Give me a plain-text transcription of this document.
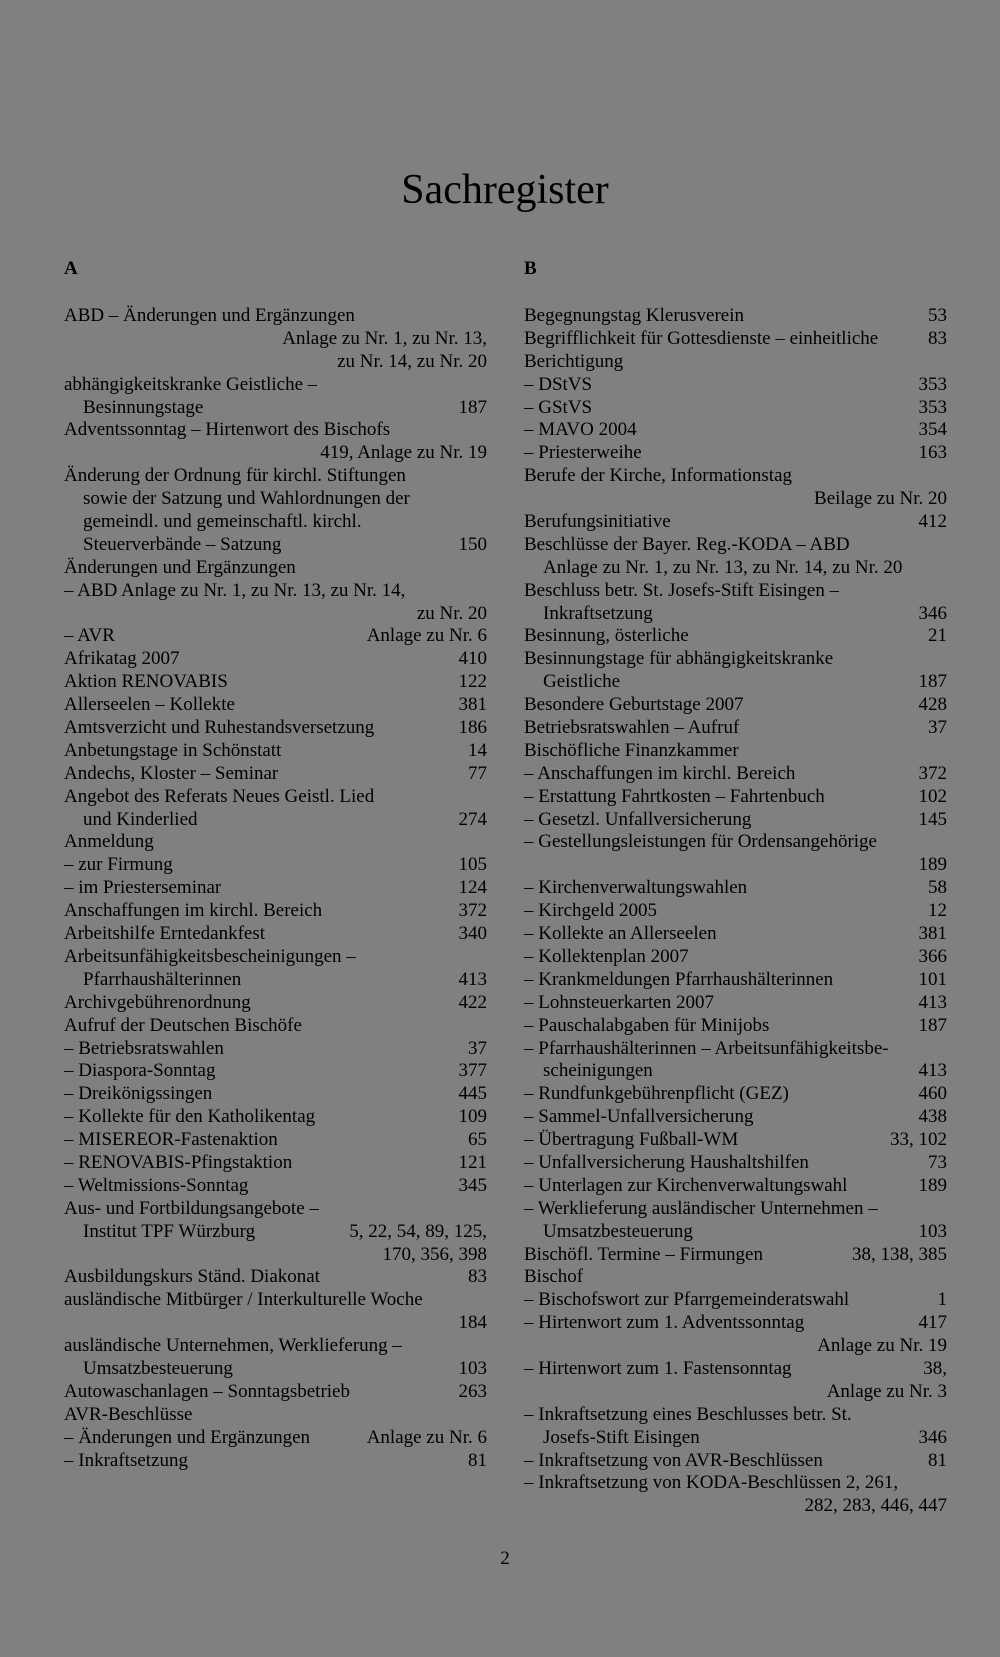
Sachregister
A
ABD – Änderungen und Ergänzungen
Anlage zu Nr. 1, zu Nr. 13,
zu Nr. 14, zu Nr. 20
abhängigkeitskranke Geistliche –
Besinnungstage	187
Adventssonntag – Hirtenwort des Bischofs
419, Anlage zu Nr. 19
Änderung der Ordnung für kirchl. Stiftungen
sowie der Satzung und Wahlordnungen der
gemeindl. und gemeinschaftl. kirchl.
Steuerverbände – Satzung	150
Änderungen und Ergänzungen
– ABD Anlage zu Nr. 1, zu Nr. 13, zu Nr. 14,
zu Nr. 20
– AVR	Anlage zu Nr. 6
Afrikatag 2007	410
Aktion RENOVABIS	122
Allerseelen – Kollekte	381
Amtsverzicht und Ruhestandsversetzung	186
Anbetungstage in Schönstatt	14
Andechs, Kloster – Seminar	77
Angebot des Referats Neues Geistl. Lied
und Kinderlied	274
Anmeldung
– zur Firmung	105
– im Priesterseminar	124
Anschaffungen im kirchl. Bereich	372
Arbeitshilfe Erntedankfest	340
Arbeitsunfähigkeitsbescheinigungen –
Pfarrhaushälterinnen	413
Archivgebührenordnung	422
Aufruf der Deutschen Bischöfe
– Betriebsratswahlen	37
– Diaspora-Sonntag	377
– Dreikönigssingen	445
– Kollekte für den Katholikentag	109
– MISEREOR-Fastenaktion	65
– RENOVABIS-Pfingstaktion	121
– Weltmissions-Sonntag	345
Aus- und Fortbildungsangebote –
Institut TPF Würzburg	5, 22, 54, 89, 125,
170, 356, 398
Ausbildungskurs Ständ. Diakonat	83
ausländische Mitbürger / Interkulturelle Woche
184
ausländische Unternehmen, Werklieferung –
Umsatzbesteuerung	103
Autowaschanlagen – Sonntagsbetrieb	263
AVR-Beschlüsse
– Änderungen und Ergänzungen	Anlage zu Nr. 6
– Inkraftsetzung	81
B
Begegnungstag Klerusverein	53
Begrifflichkeit für Gottesdienste – einheitliche	83
Berichtigung
– DStVS	353
– GStVS	353
– MAVO 2004	354
– Priesterweihe	163
Berufe der Kirche, Informationstag
Beilage zu Nr. 20
Berufungsinitiative	412
Beschlüsse der Bayer. Reg.-KODA – ABD
Anlage zu Nr. 1, zu Nr. 13, zu Nr. 14, zu Nr. 20
Beschluss betr. St. Josefs-Stift Eisingen –
Inkraftsetzung	346
Besinnung, österliche	21
Besinnungstage für abhängigkeitskranke
Geistliche	187
Besondere Geburtstage 2007	428
Betriebsratswahlen – Aufruf	37
Bischöfliche Finanzkammer
– Anschaffungen im kirchl. Bereich	372
– Erstattung Fahrtkosten – Fahrtenbuch	102
– Gesetzl. Unfallversicherung	145
– Gestellungsleistungen für Ordensangehörige
189
– Kirchenverwaltungswahlen	58
– Kirchgeld 2005	12
– Kollekte an Allerseelen	381
– Kollektenplan 2007	366
– Krankmeldungen Pfarrhaushälterinnen	101
– Lohnsteuerkarten 2007	413
– Pauschalabgaben für Minijobs	187
– Pfarrhaushälterinnen – Arbeitsunfähigkeitsbe-
scheinigungen	413
– Rundfunkgebührenpflicht (GEZ)	460
– Sammel-Unfallversicherung	438
– Übertragung Fußball-WM	33, 102
– Unfallversicherung Haushaltshilfen	73
– Unterlagen zur Kirchenverwaltungswahl	189
– Werklieferung ausländischer Unternehmen –
Umsatzbesteuerung	103
Bischöfl. Termine – Firmungen	38, 138, 385
Bischof
– Bischofswort zur Pfarrgemeinderatswahl	1
– Hirtenwort zum 1. Adventssonntag	417
Anlage zu Nr. 19
– Hirtenwort zum 1. Fastensonntag	38,
Anlage zu Nr. 3
– Inkraftsetzung eines Beschlusses betr. St.
Josefs-Stift Eisingen	346
– Inkraftsetzung von AVR-Beschlüssen	81
– Inkraftsetzung von KODA-Beschlüssen 2, 261,
282, 283, 446, 447
2
